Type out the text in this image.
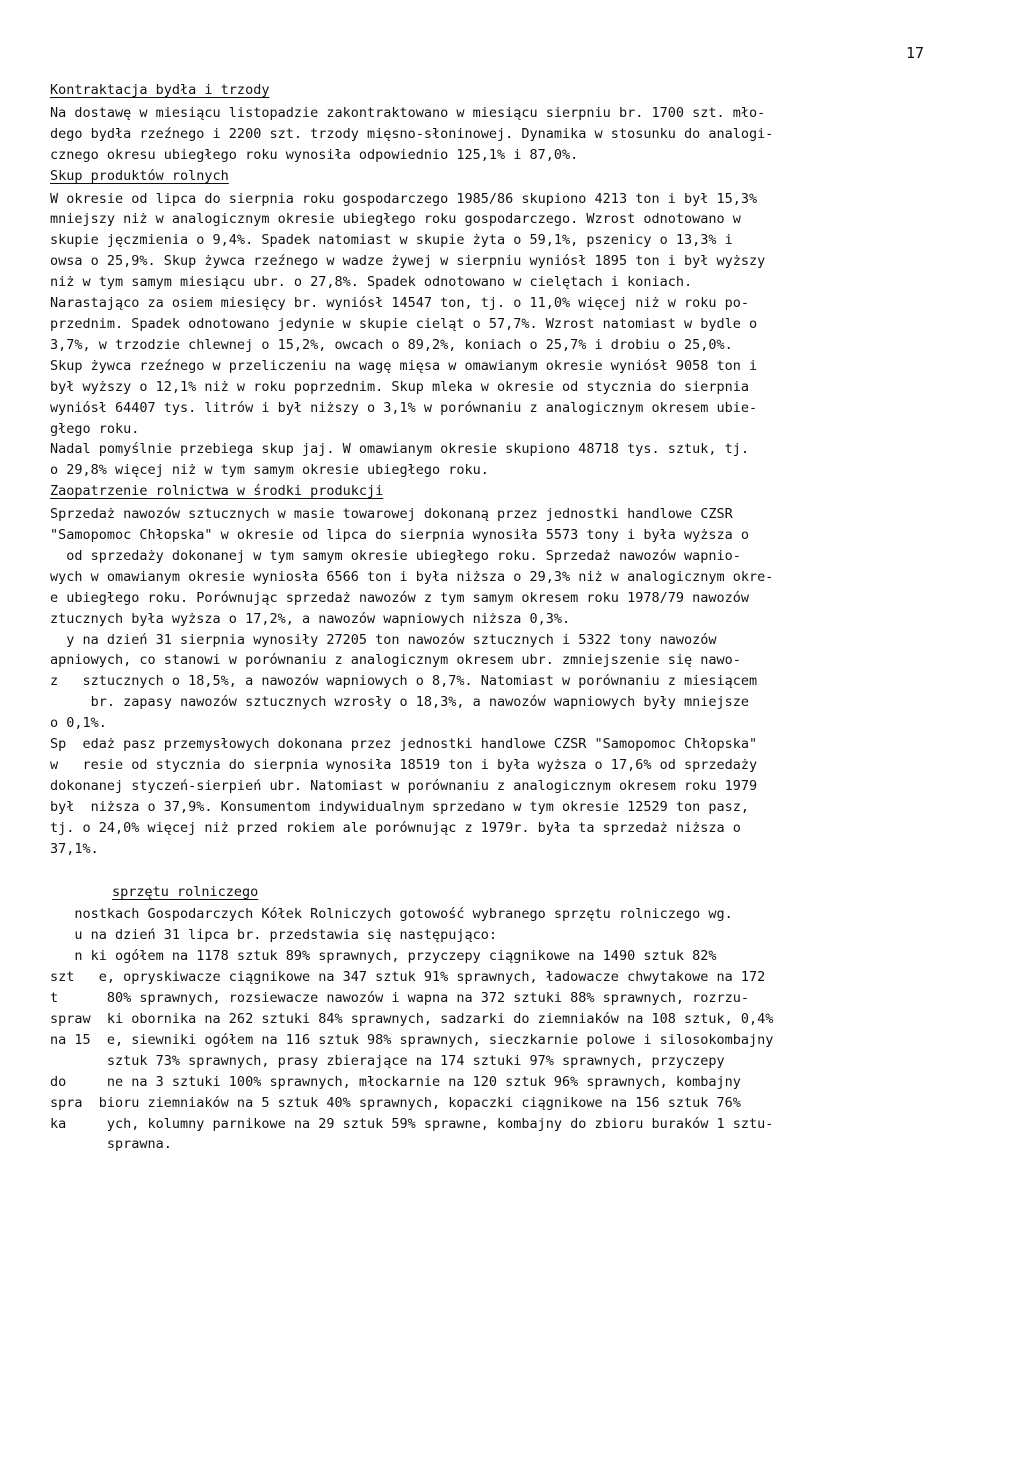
17
Kontraktacja bydła i trzody
Na dostawę w miesiącu listopadzie zakontraktowano w miesiącu sierpniu br. 1700 szt. mło-
dego bydła rzeźnego i 2200 szt. trzody mięsno-słoninowej. Dynamika w stosunku do analogi-
cznego okresu ubiegłego roku wynosiła odpowiednio 125,1% i 87,0%.
Skup produktów rolnych
W okresie od lipca do sierpnia roku gospodarczego 1985/86 skupiono 4213 ton i był 15,3%
mniejszy niż w analogicznym okresie ubiegłego roku gospodarczego. Wzrost odnotowano w
skupie jęczmienia o 9,4%. Spadek natomiast w skupie żyta o 59,1%, pszenicy o 13,3% i
owsa o 25,9%. Skup żywca rzeźnego w wadze żywej w sierpniu wyniósł 1895 ton i był wyższy
niż w tym samym miesiącu ubr. o 27,8%. Spadek odnotowano w cielętach i koniach.
Narastająco za osiem miesięcy br. wyniósł 14547 ton, tj. o 11,0% więcej niż w roku po-
przednim. Spadek odnotowano jedynie w skupie cieląt o 57,7%. Wzrost natomiast w bydle o
3,7%, w trzodzie chlewnej o 15,2%, owcach o 89,2%, koniach o 25,7% i drobiu o 25,0%.
Skup żywca rzeźnego w przeliczeniu na wagę mięsa w omawianym okresie wyniósł 9058 ton i
był wyższy o 12,1% niż w roku poprzednim. Skup mleka w okresie od stycznia do sierpnia
wyniósł 64407 tys. litrów i był niższy o 3,1% w porównaniu z analogicznym okresem ubie-
głego roku.
Nadal pomyślnie przebiega skup jaj. W omawianym okresie skupiono 48718 tys. sztuk, tj.
o 29,8% więcej niż w tym samym okresie ubiegłego roku.
Zaopatrzenie rolnictwa w środki produkcji
Sprzedaż nawozów sztucznych w masie towarowej dokonaną przez jednostki handlowe CZSR
"Samopomoc Chłopska" w okresie od lipca do sierpnia wynosiła 5573 tony i była wyższa o
od sprzedaży dokonanej w tym samym okresie ubiegłego roku. Sprzedaż nawozów wapnio-
wych w omawianym okresie wyniosła 6566 ton i była niższa o 29,3% niż w analogicznym okre-
e ubiegłego roku. Porównując sprzedaż nawozów z tym samym okresem roku 1978/79 nawozów
ztucznych była wyższa o 17,2%, a nawozów wapniowych niższa 0,3%.
y na dzień 31 sierpnia wynosiły 27205 ton nawozów sztucznych i 5322 tony nawozów
apniowych, co stanowi w porównaniu z analogicznym okresem ubr. zmniejszenie się nawo-
z   sztucznych o 18,5%, a nawozów wapniowych o 8,7%. Natomiast w porównaniu z miesiącem
br. zapasy nawozów sztucznych wzrosły o 18,3%, a nawozów wapniowych były mniejsze
o 0,1%.
Sp  edaż pasz przemysłowych dokonana przez jednostki handlowe CZSR "Samopomoc Chłopska"
w   resie od stycznia do sierpnia wynosiła 18519 ton i była wyższa o 17,6% od sprzedaży
dokonanej styczeń-sierpień ubr. Natomiast w porównaniu z analogicznym okresem roku 1979
był  niższa o 37,9%. Konsumentom indywidualnym sprzedano w tym okresie 12529 ton pasz,
tj. o 24,0% więcej niż przed rokiem ale porównując z 1979r. była ta sprzedaż niższa o
37,1%.
sprzętu rolniczego
nostkach Gospodarczych Kółek Rolniczych gotowość wybranego sprzętu rolniczego wg.
u na dzień 31 lipca br. przedstawia się następująco:
n ki ogółem na 1178 sztuk 89% sprawnych, przyczepy ciągnikowe na 1490 sztuk 82%
szt   e, opryskiwacze ciągnikowe na 347 sztuk 91% sprawnych, ładowacze chwytakowe na 172
t      80% sprawnych, rozsiewacze nawozów i wapna na 372 sztuki 88% sprawnych, rozrzu-
spraw  ki obornika na 262 sztuki 84% sprawnych, sadzarki do ziemniaków na 108 sztuk, 0,4%
na 15  e, siewniki ogółem na 116 sztuk 98% sprawnych, sieczkarnie polowe i silosokombajny
sztuk 73% sprawnych, prasy zbierające na 174 sztuki 97% sprawnych, przyczepy
do     ne na 3 sztuki 100% sprawnych, młockarnie na 120 sztuk 96% sprawnych, kombajny
spra  bioru ziemniaków na 5 sztuk 40% sprawnych, kopaczki ciągnikowe na 156 sztuk 76%
ka     ych, kolumny parnikowe na 29 sztuk 59% sprawne, kombajny do zbioru buraków 1 sztu-
sprawna.
